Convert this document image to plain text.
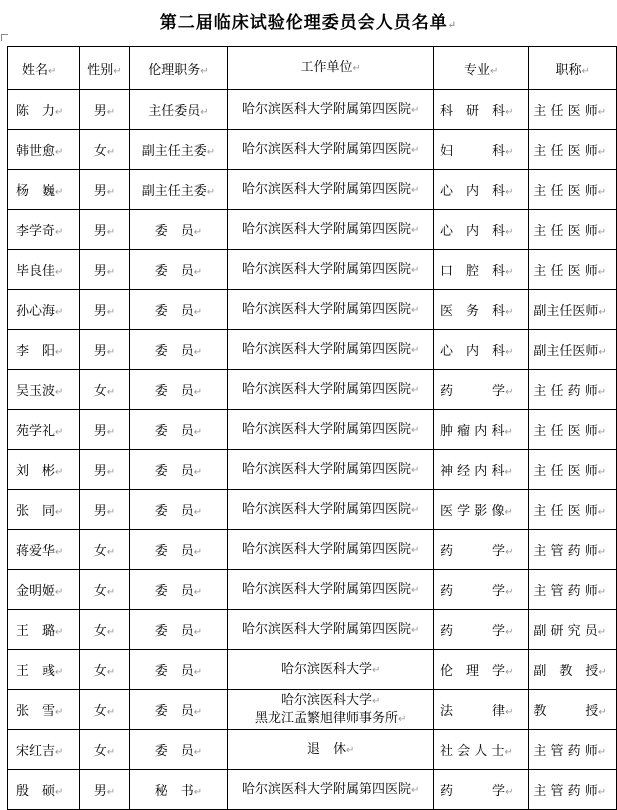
第二届临床试验伦理委员会人员名单↵
姓名↵	性别↵	伦理职务↵	工作单位↵	专业↵	职称↵
陈　力↵	男↵	主任委员↵	哈尔滨医科大学附属第四医院↵	科　研　科↵	主 任 医 师↵
韩世愈↵	女↵	副主任主委↵	哈尔滨医科大学附属第四医院↵	妇　　　科↵	主 任 医 师↵
杨　巍↵	男↵	副主任主委↵	哈尔滨医科大学附属第四医院↵	心　内　科↵	主 任 医 师↵
李学奇↵	男↵	委　员↵	哈尔滨医科大学附属第四医院↵	心　内　科↵	主 任 医 师↵
毕良佳↵	男↵	委　员↵	哈尔滨医科大学附属第四医院↵	口　腔　科↵	主 任 医 师↵
孙心海↵	男↵	委　员↵	哈尔滨医科大学附属第四医院↵	医　务　科↵	副主任医师↵
李　阳↵	男↵	委　员↵	哈尔滨医科大学附属第四医院↵	心　内　科↵	副主任医师↵
吴玉波↵	女↵	委　员↵	哈尔滨医科大学附属第四医院↵	药　　　学↵	主 任 药 师↵
苑学礼↵	男↵	委　员↵	哈尔滨医科大学附属第四医院↵	肿 瘤 内 科↵	主 任 医 师↵
刘　彬↵	男↵	委　员↵	哈尔滨医科大学附属第四医院↵	神 经 内 科↵	主 任 医 师↵
张　同↵	男↵	委　员↵	哈尔滨医科大学附属第四医院↵	医 学 影 像↵	主 任 医 师↵
蒋爱华↵	女↵	委　员↵	哈尔滨医科大学附属第四医院↵	药　　　学↵	主 管 药 师↵
金明姬↵	女↵	委　员↵	哈尔滨医科大学附属第四医院↵	药　　　学↵	主 管 药 师↵
王　璐↵	女↵	委　员↵	哈尔滨医科大学附属第四医院↵	药　　　学↵	副 研 究 员↵
王　彧↵	女↵	委　员↵	哈尔滨医科大学↵	伦　理　学↵	副　教　授↵
张　雪↵	女↵	委　员↵	哈尔滨医科大学↵
黑龙江孟繁旭律师事务所↵	法　　　律↵	教　　　授↵
宋红吉↵	女↵	委　员↵	退　休↵	社 会 人 士↵	主 管 药 师↵
殷　硕↵	男↵	秘　书↵	哈尔滨医科大学附属第四医院↵	药　　　学↵	主 管 药 师↵
